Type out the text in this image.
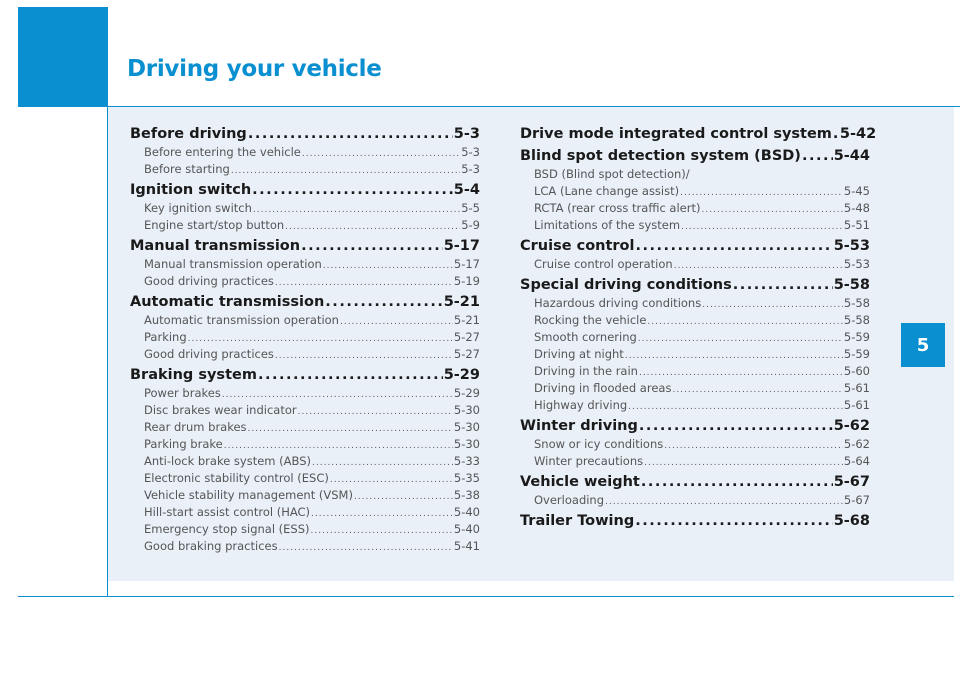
Driving your vehicle
5
Before driving .....	5-3
Before entering the vehicle .....	5-3
Before starting .....	5-3
Ignition switch .....	5-4
Key ignition switch .....	5-5
Engine start/stop button .....	5-9
Manual transmission .....	5-17
Manual transmission operation .....	5-17
Good driving practices .....	5-19
Automatic transmission .....	5-21
Automatic transmission operation .....	5-21
Parking .....	5-27
Good driving practices .....	5-27
Braking system .....	5-29
Power brakes .....	5-29
Disc brakes wear indicator .....	5-30
Rear drum brakes .....	5-30
Parking brake .....	5-30
Anti-lock brake system (ABS) .....	5-33
Electronic stability control (ESC) .....	5-35
Vehicle stability management (VSM) .....	5-38
Hill-start assist control (HAC) .....	5-40
Emergency stop signal (ESS) .....	5-40
Good braking practices .....	5-41
Drive mode integrated control system ..... 5-42
Blind spot detection system (BSD) ..... 5-44
BSD (Blind spot detection)/
LCA (Lane change assist) .....	5-45
RCTA (rear cross traffic alert) .....	5-48
Limitations of the system .....	5-51
Cruise control .....	5-53
Cruise control operation .....	5-53
Special driving conditions .....	5-58
Hazardous driving conditions .....	5-58
Rocking the vehicle .....	5-58
Smooth cornering .....	5-59
Driving at night .....	5-59
Driving in the rain .....	5-60
Driving in flooded areas .....	5-61
Highway driving .....	5-61
Winter driving .....	5-62
Snow or icy conditions .....	5-62
Winter precautions .....	5-64
Vehicle weight .....	5-67
Overloading .....	5-67
Trailer Towing .....	5-68
